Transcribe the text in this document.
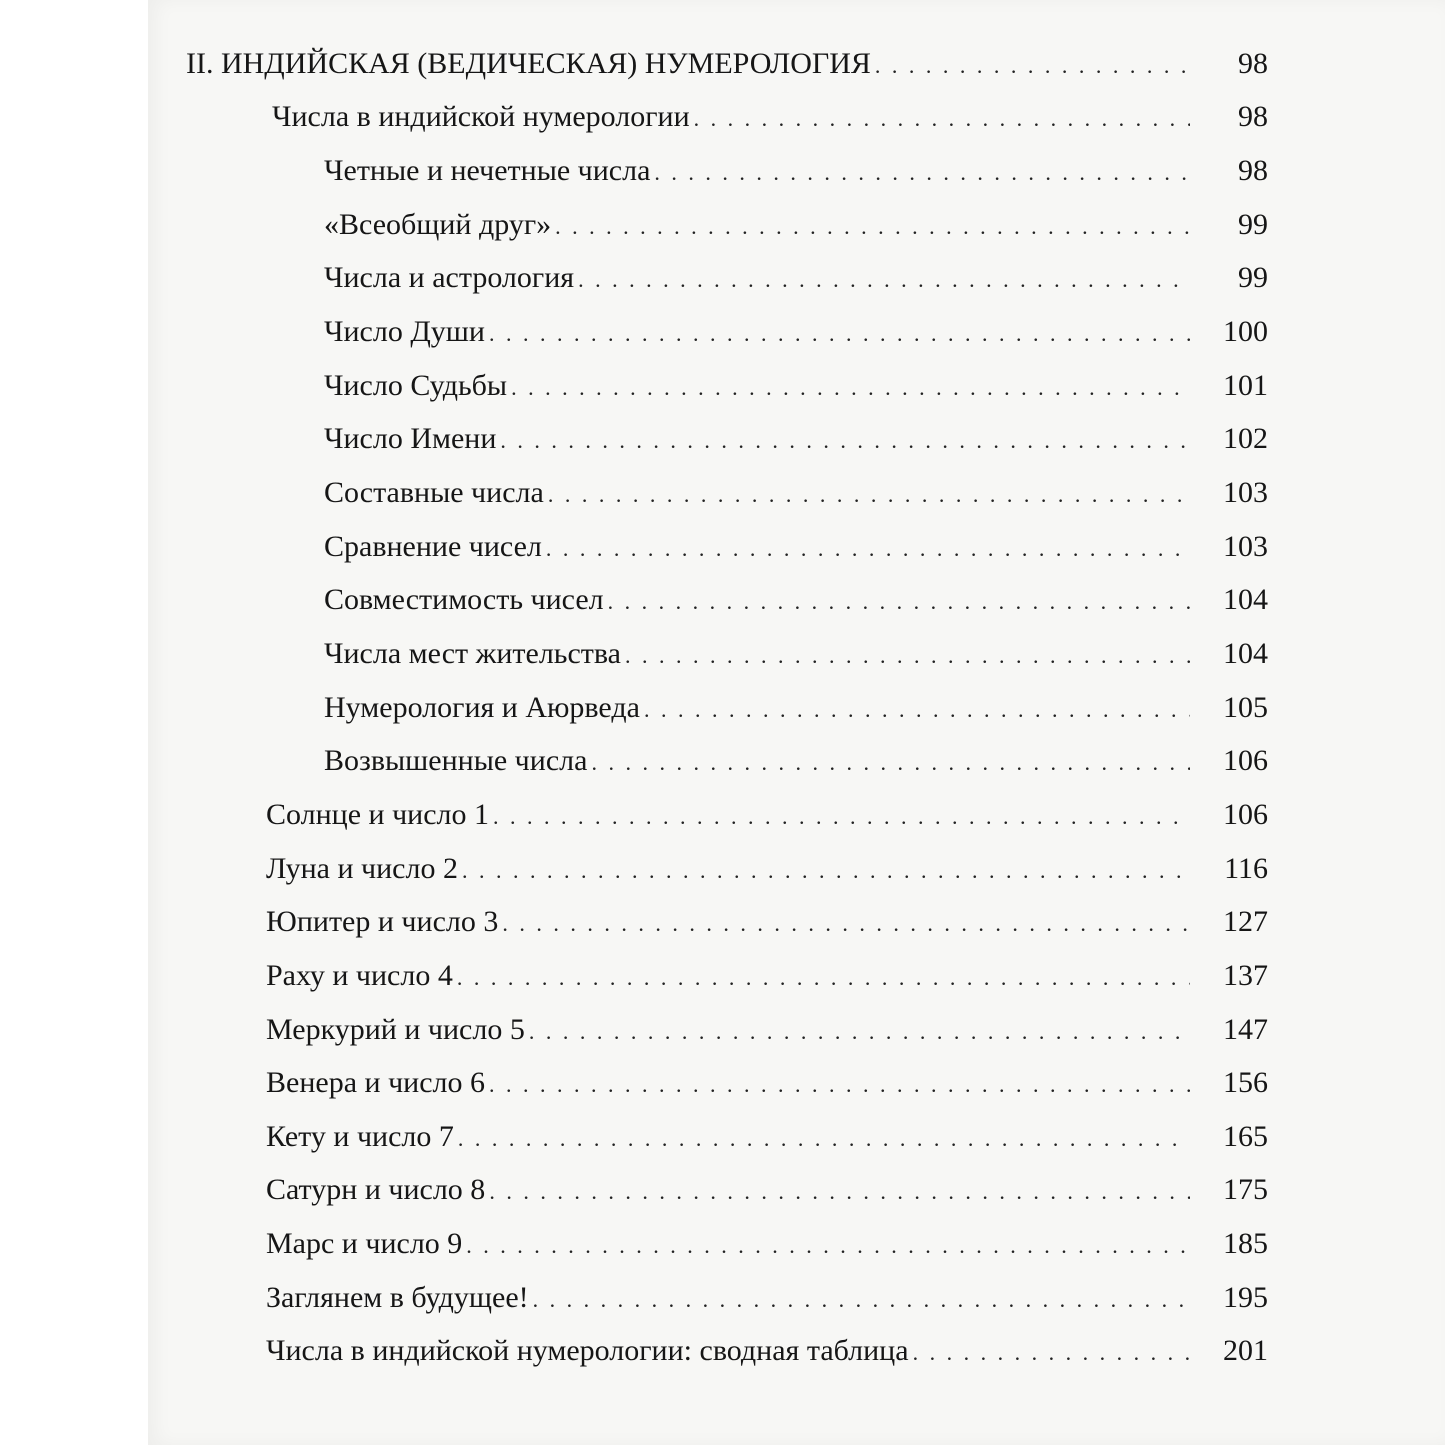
II. ИНДИЙСКАЯ (ВЕДИЧЕСКАЯ) НУМЕРОЛОГИЯ . . .	98
Числа в индийской нумерологии . . .	98
Четные и нечетные числа . . .	98
«Всеобщий друг» . . .	99
Числа и астрология . . .	99
Число Души . . .	100
Число Судьбы . . .	101
Число Имени . . .	102
Составные числа . . .	103
Сравнение чисел . . .	103
Совместимость чисел . . .	104
Числа мест жительства . . .	104
Нумерология и Аюрведа . . .	105
Возвышенные числа . . .	106
Солнце и число 1 . . .	106
Луна и число 2 . . .	116
Юпитер и число 3 . . .	127
Раху и число 4 . . .	137
Меркурий и число 5 . . .	147
Венера и число 6 . . .	156
Кету и число 7 . . .	165
Сатурн и число 8 . . .	175
Марс и число 9 . . .	185
Заглянем в будущее! . . .	195
Числа в индийской нумерологии: сводная таблица . . .	201
